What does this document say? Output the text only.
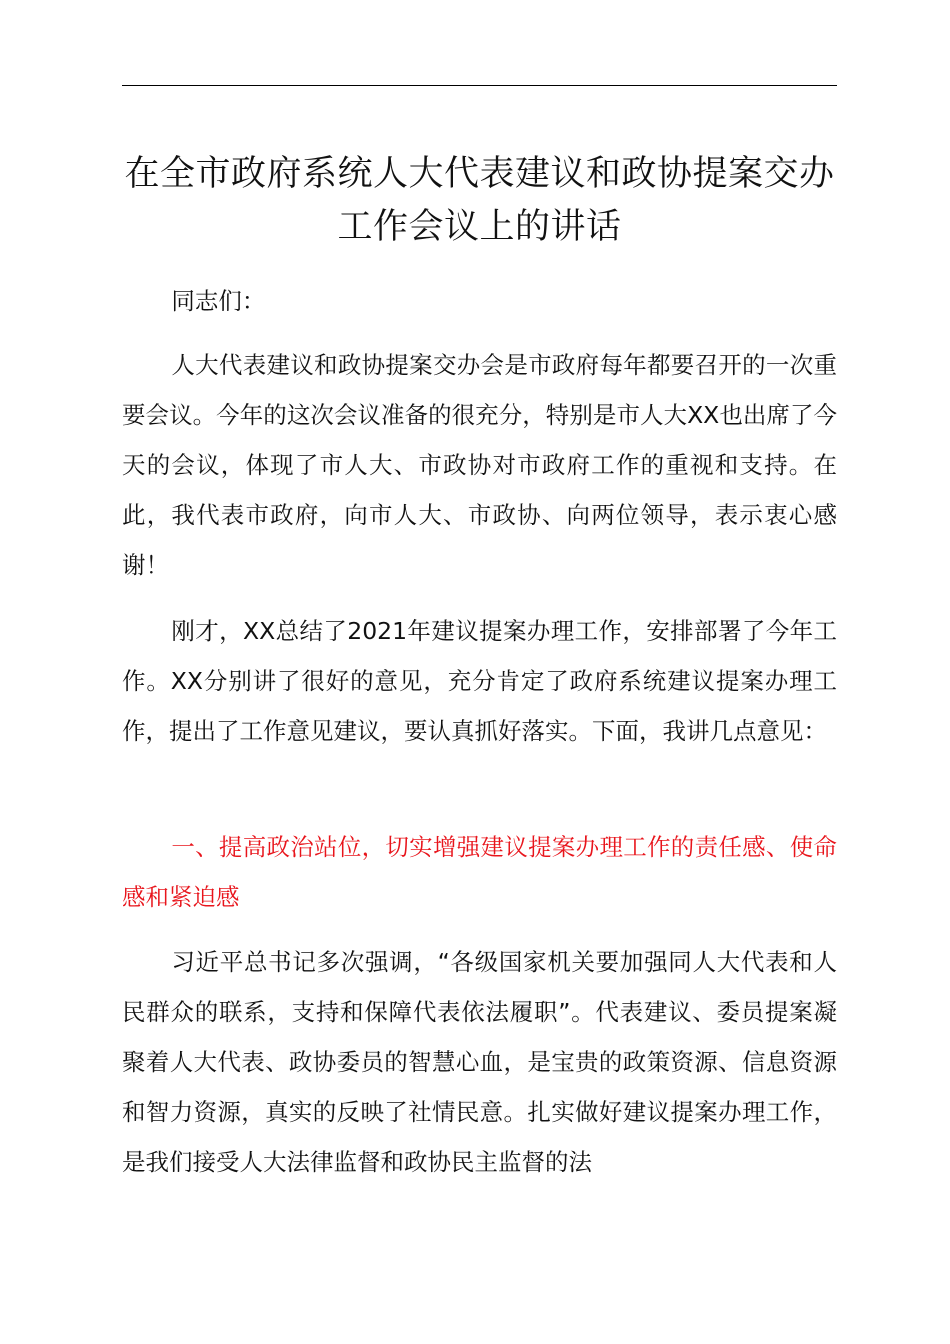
在全市政府系统人大代表建议和政协提案交办工作会议上的讲话

同志们：

人大代表建议和政协提案交办会是市政府每年都要召开的一次重要会议。今年的这次会议准备的很充分，特别是市人大XX也出席了今天的会议，体现了市人大、市政协对市政府工作的重视和支持。在此，我代表市政府，向市人大、市政协、向两位领导，表示衷心感谢！

刚才，XX总结了2021年建议提案办理工作，安排部署了今年工作。XX分别讲了很好的意见，充分肯定了政府系统建议提案办理工作，提出了工作意见建议，要认真抓好落实。下面，我讲几点意见：

一、提高政治站位，切实增强建议提案办理工作的责任感、使命感和紧迫感

习近平总书记多次强调，“各级国家机关要加强同人大代表和人民群众的联系，支持和保障代表依法履职”。代表建议、委员提案凝聚着人大代表、政协委员的智慧心血，是宝贵的政策资源、信息资源和智力资源，真实的反映了社情民意。扎实做好建议提案办理工作，是我们接受人大法律监督和政协民主监督的法
